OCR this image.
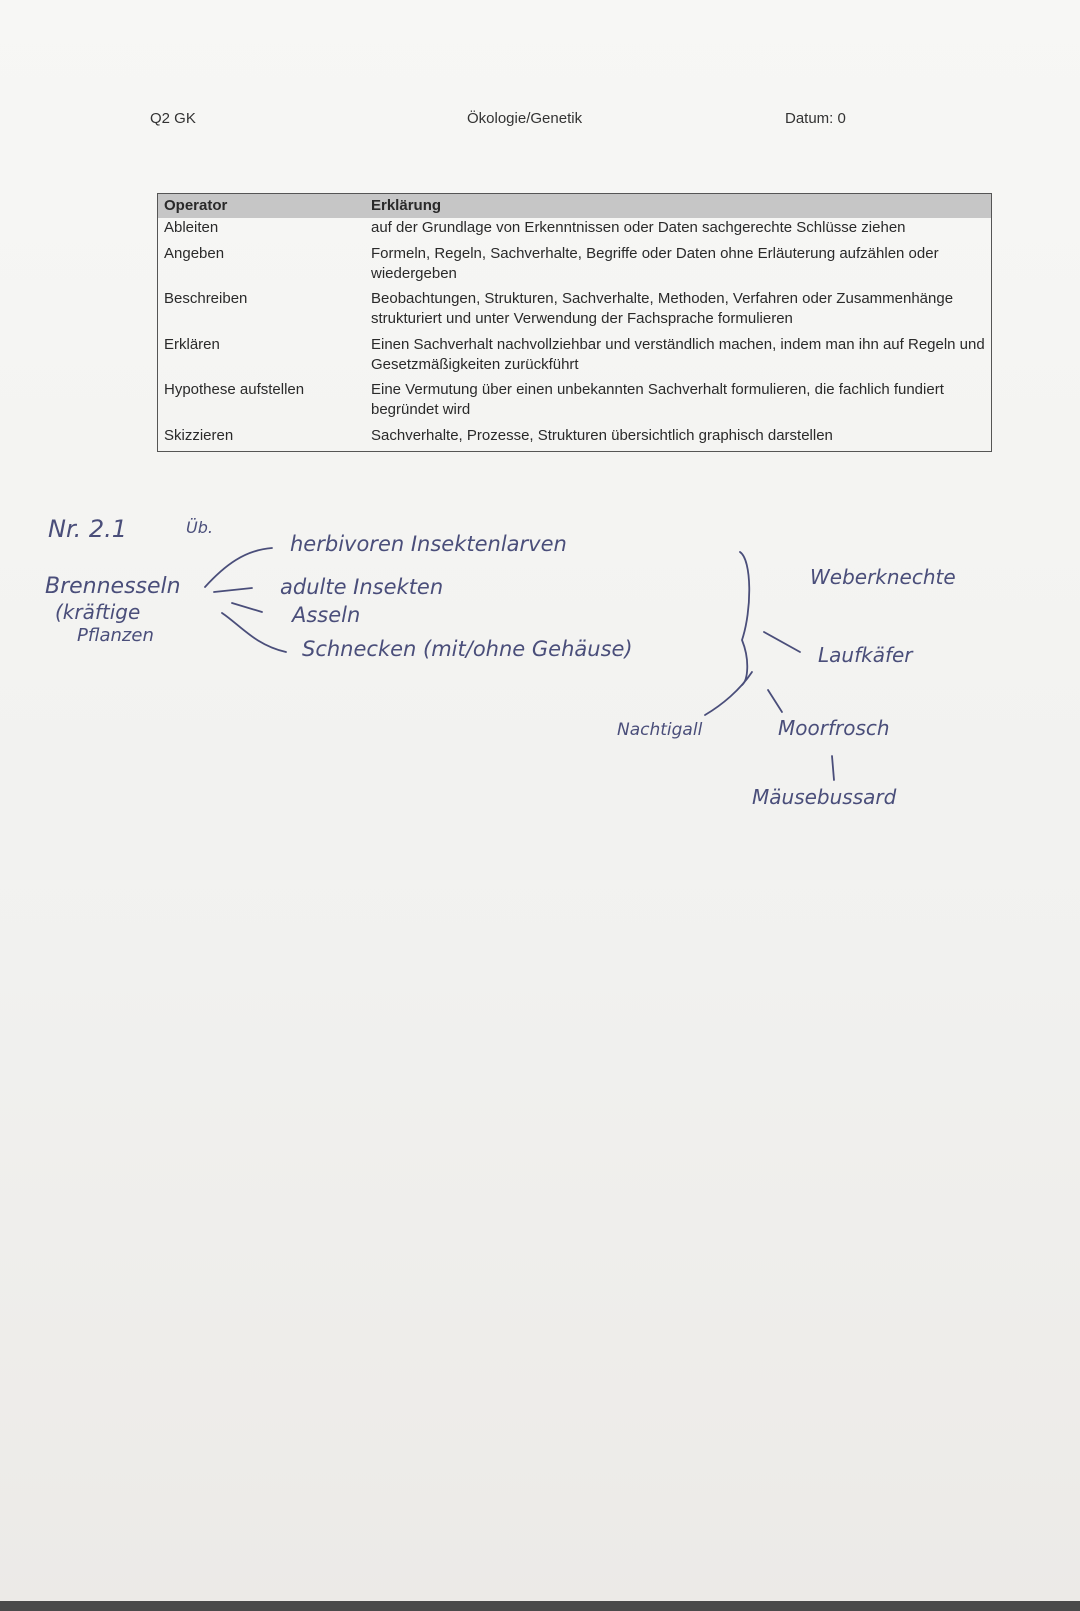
Q2 GK	Ökologie/Genetik	Datum: 0
Operator	Erklärung
Ableiten	auf der Grundlage von Erkenntnissen oder Daten sachgerechte Schlüsse ziehen
Angeben	Formeln, Regeln, Sachverhalte, Begriffe oder Daten ohne Erläuterung aufzählen oder wiedergeben
Beschreiben	Beobachtungen, Strukturen, Sachverhalte, Methoden, Verfahren oder Zusammenhänge strukturiert und unter Verwendung der Fachsprache formulieren
Erklären	Einen Sachverhalt nachvollziehbar und verständlich machen, indem man ihn auf Regeln und Gesetzmäßigkeiten zurückführt
Hypothese aufstellen	Eine Vermutung über einen unbekannten Sachverhalt formulieren, die fachlich fundiert begründet wird
Skizzieren	Sachverhalte, Prozesse, Strukturen übersichtlich graphisch darstellen
Nr. 2.1	Üb.
Brennesseln
(kräftige
Pflanzen
herbivoren Insektenlarven
adulte Insekten
Asseln
Schnecken (mit/ohne Gehäuse)
Weberknechte
Laufkäfer
Nachtigall	Moorfrosch
Mäusebussard
